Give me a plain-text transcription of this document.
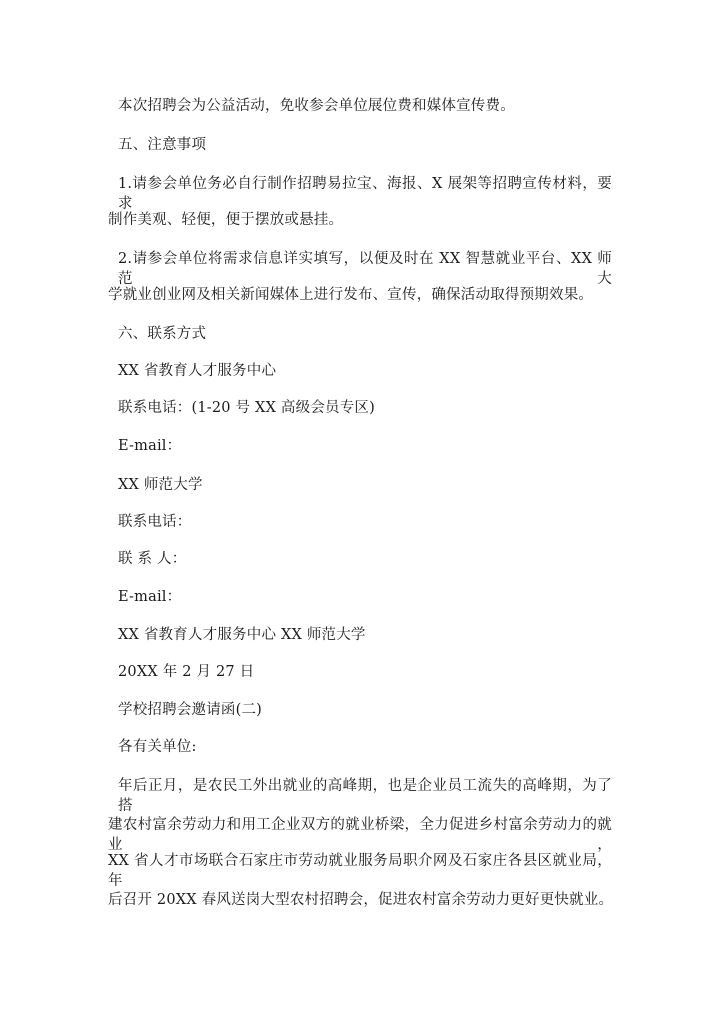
本次招聘会为公益活动，免收参会单位展位费和媒体宣传费。
五、注意事项
1.请参会单位务必自行制作招聘易拉宝、海报、X 展架等招聘宣传材料，要求
制作美观、轻便，便于摆放或悬挂。
2.请参会单位将需求信息详实填写，以便及时在 XX 智慧就业平台、XX 师范大
学就业创业网及相关新闻媒体上进行发布、宣传，确保活动取得预期效果。
六、联系方式
XX 省教育人才服务中心
联系电话：(1-20 号 XX 高级会员专区)
E-mail：
XX 师范大学
联系电话：
联 系 人：
E-mail：
XX 省教育人才服务中心 XX 师范大学
20XX 年 2 月 27 日
学校招聘会邀请函(二)
各有关单位:
年后正月，是农民工外出就业的高峰期，也是企业员工流失的高峰期，为了搭
建农村富余劳动力和用工企业双方的就业桥梁，全力促进乡村富余劳动力的就业，
XX 省人才市场联合石家庄市劳动就业服务局职介网及石家庄各县区就业局，年
后召开 20XX 春风送岗大型农村招聘会，促进农村富余劳动力更好更快就业。
